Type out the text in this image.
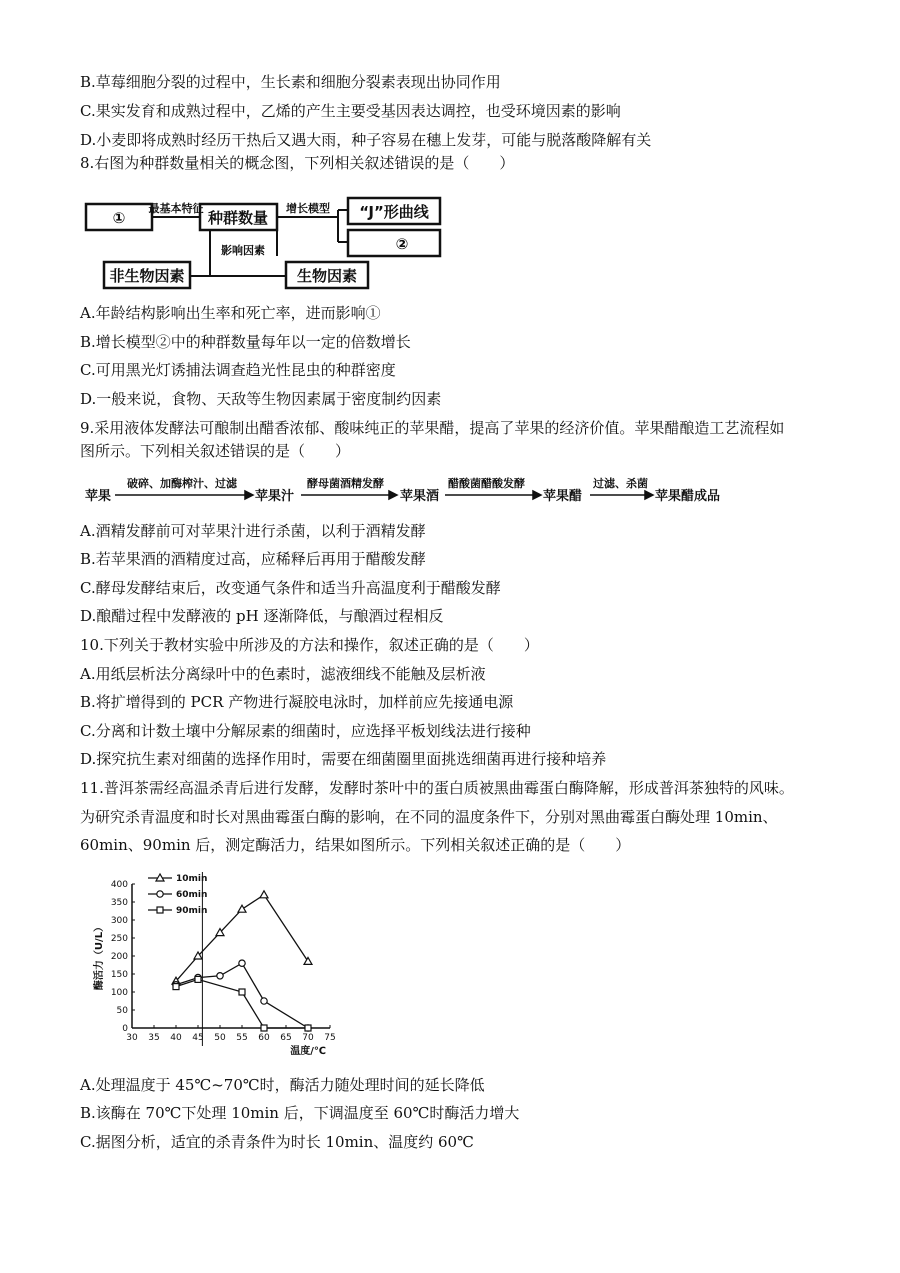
B.草莓细胞分裂的过程中，生长素和细胞分裂素表现出协同作用
C.果实发育和成熟过程中，乙烯的产生主要受基因表达调控，也受环境因素的影响
D.小麦即将成熟时经历干热后又遇大雨，种子容易在穗上发芽，可能与脱落酸降解有关
8.右图为种群数量相关的概念图，下列相关叙述错误的是（　　）
①	种群数量	“J”形曲线
②
非生物因素	生物因素
最基本特征	增长模型
影响因素
A.年龄结构影响出生率和死亡率，进而影响①
B.增长模型②中的种群数量每年以一定的倍数增长
C.可用黑光灯诱捕法调查趋光性昆虫的种群密度
D.一般来说，食物、天敌等生物因素属于密度制约因素
9.采用液体发酵法可酿制出醋香浓郁、酸味纯正的苹果醋，提高了苹果的经济价值。苹果醋酿造工艺流程如
图所示。下列相关叙述错误的是（　　）
苹果
破碎、加酶榨汁、过滤
苹果汁
酵母菌酒精发酵
苹果酒
醋酸菌醋酸发酵
苹果醋
过滤、杀菌
苹果醋成品
A.酒精发酵前可对苹果汁进行杀菌，以利于酒精发酵
B.若苹果酒的酒精度过高，应稀释后再用于醋酸发酵
C.酵母发酵结束后，改变通气条件和适当升高温度利于醋酸发酵
D.酿醋过程中发酵液的 pH 逐渐降低，与酿酒过程相反
10.下列关于教材实验中所涉及的方法和操作，叙述正确的是（　　）
A.用纸层析法分离绿叶中的色素时，滤液细线不能触及层析液
B.将扩增得到的 PCR 产物进行凝胶电泳时，加样前应先接通电源
C.分离和计数土壤中分解尿素的细菌时，应选择平板划线法进行接种
D.探究抗生素对细菌的选择作用时，需要在细菌圈里面挑选细菌再进行接种培养
11.普洱茶需经高温杀青后进行发酵，发酵时茶叶中的蛋白质被黑曲霉蛋白酶降解，形成普洱茶独特的风味。
为研究杀青温度和时长对黑曲霉蛋白酶的影响，在不同的温度条件下，分别对黑曲霉蛋白酶处理 10min、
60min、90min 后，测定酶活力，结果如图所示。下列相关叙述正确的是（　　）
30 35 40 45 50 55 60 65 70 75
0
50
100
150
200
250
300
350
400
温度/℃
酶活力（U/L）
10min
60min
90min
A.处理温度于 45℃~70℃时，酶活力随处理时间的延长降低
B.该酶在 70℃下处理 10min 后，下调温度至 60℃时酶活力增大
C.据图分析，适宜的杀青条件为时长 10min、温度约 60℃
